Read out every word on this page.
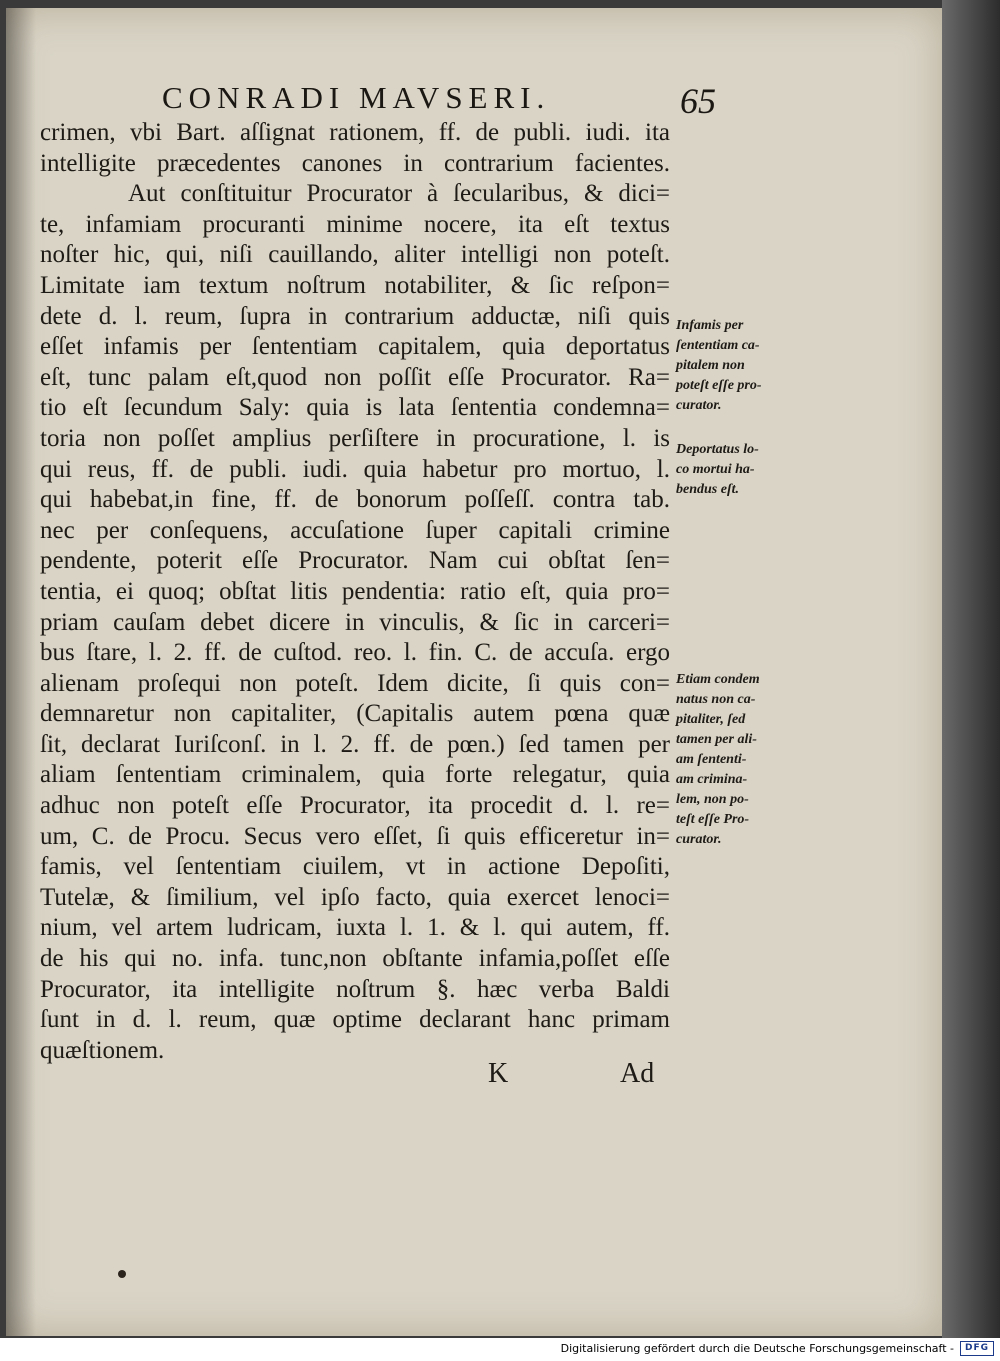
CONRADI MAVSERI.	65
crimen, vbi Bart. aſſignat rationem, ff. de publi. iudi. ita
intelligite præcedentes canones in contrarium facientes.
Aut conſtituitur Procurator à ſecularibus, & dici=
te, infamiam procuranti minime nocere, ita eſt textus
noſter hic, qui, niſi cauillando, aliter intelligi non poteſt.
Limitate iam textum noſtrum notabiliter, & ſic reſpon=
dete d. l. reum, ſupra in contrarium adductæ, niſi quis
eſſet infamis per ſententiam capitalem, quia deportatus
eſt, tunc palam eſt,quod non poſſit eſſe Procurator. Ra=
tio eſt ſecundum Saly: quia is lata ſententia condemna=
toria non poſſet amplius perſiſtere in procuratione, l. is
qui reus, ff. de publi. iudi. quia habetur pro mortuo, l.
qui habebat,in fine, ff. de bonorum poſſeſſ. contra tab.
nec per conſequens, accuſatione ſuper capitali crimine
pendente, poterit eſſe Procurator. Nam cui obſtat ſen=
tentia, ei quoq; obſtat litis pendentia: ratio eſt, quia pro=
priam cauſam debet dicere in vinculis, & ſic in carceri=
bus ſtare, l. 2. ff. de cuſtod. reo. l. fin. C. de accuſa. ergo
alienam proſequi non poteſt. Idem dicite, ſi quis con=
demnaretur non capitaliter, (Capitalis autem pœna quæ
ſit, declarat Iuriſconſ. in l. 2. ff. de pœn.) ſed tamen per
aliam ſententiam criminalem, quia forte relegatur, quia
adhuc non poteſt eſſe Procurator, ita procedit d. l. re=
um, C. de Procu. Secus vero eſſet, ſi quis efficeretur in=
famis, vel ſententiam ciuilem, vt in actione Depoſiti,
Tutelæ, & ſimilium, vel ipſo facto, quia exercet lenoci=
nium, vel artem ludricam, iuxta l. 1. & l. qui autem, ff.
de his qui no. infa. tunc,non obſtante infamia,poſſet eſſe
Procurator, ita intelligite noſtrum §. hæc verba Baldi
ſunt in d. l. reum, quæ optime declarant hanc primam
quæſtionem.
Infamis per
ſententiam ca-
pitalem non
poteſt eſſe pro-
curator.
Deportatus lo-
co mortui ha-
bendus eſt.
Etiam condem
natus non ca-
pitaliter, ſed
tamen per ali-
am ſententi-
am crimina-
lem, non po-
teſt eſſe Pro-
curator.
K	Ad
Digitalisierung gefördert durch die Deutsche Forschungsgemeinschaft -	DFG
